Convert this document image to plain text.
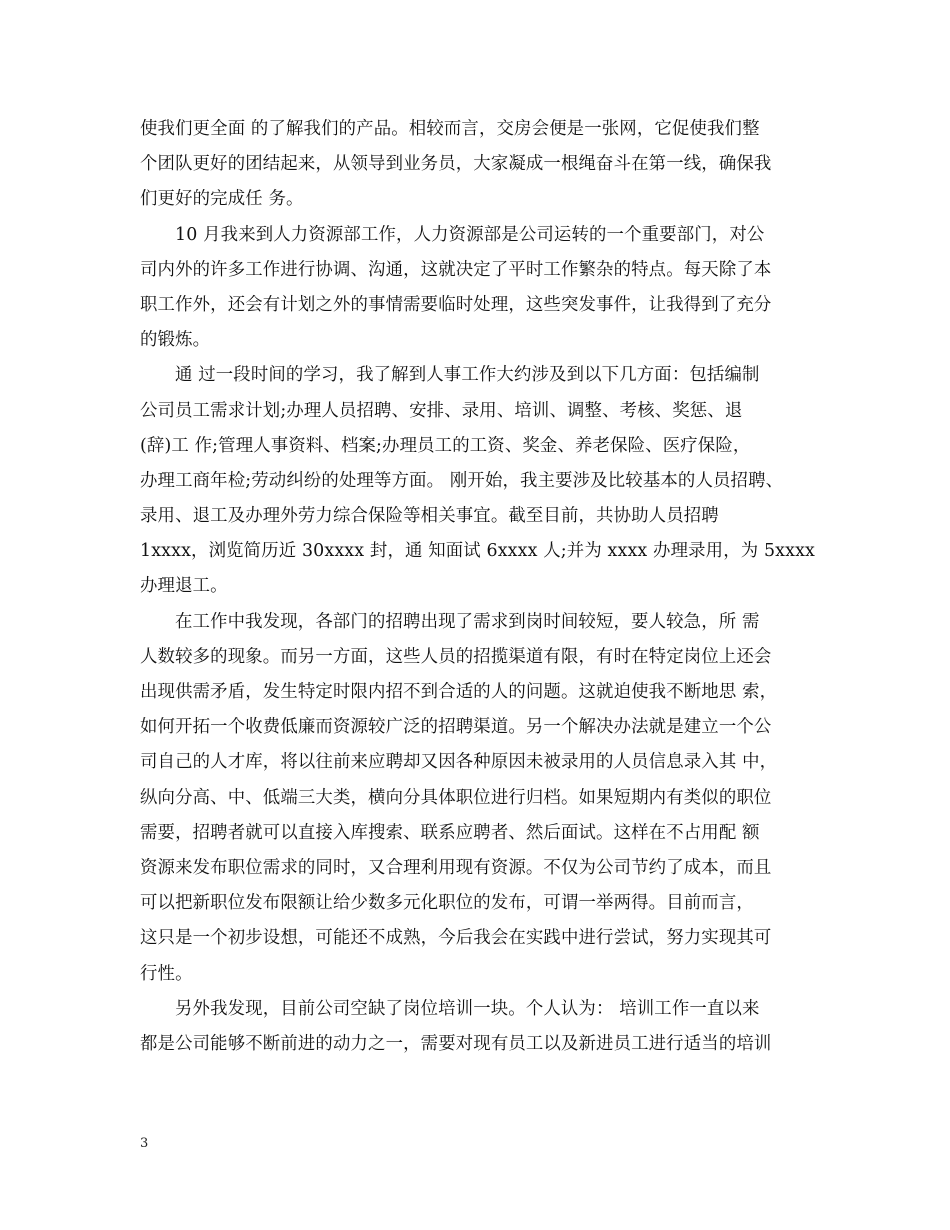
使我们更全面 的了解我们的产品。相较而言，交房会便是一张网，它促使我们整
个团队更好的团结起来，从领导到业务员，大家凝成一根绳奋斗在第一线，确保我
们更好的完成任 务。
10 月我来到人力资源部工作，人力资源部是公司运转的一个重要部门，对公
司内外的许多工作进行协调、沟通，这就决定了平时工作繁杂的特点。每天除了本
职工作外，还会有计划之外的事情需要临时处理，这些突发事件，让我得到了充分
的锻炼。
通 过一段时间的学习，我了解到人事工作大约涉及到以下几方面：包括编制
公司员工需求计划;办理人员招聘、安排、录用、培训、调整、考核、奖惩、退
(辞)工 作;管理人事资料、档案;办理员工的工资、奖金、养老保险、医疗保险，
办理工商年检;劳动纠纷的处理等方面。 刚开始，我主要涉及比较基本的人员招聘、
录用、退工及办理外劳力综合保险等相关事宜。截至目前，共协助人员招聘
1xxxx，浏览简历近 30xxxx 封，通 知面试 6xxxx 人;并为 xxxx 办理录用，为 5xxxx
办理退工。
在工作中我发现，各部门的招聘出现了需求到岗时间较短，要人较急，所 需
人数较多的现象。而另一方面，这些人员的招揽渠道有限，有时在特定岗位上还会
出现供需矛盾，发生特定时限内招不到合适的人的问题。这就迫使我不断地思 索，
如何开拓一个收费低廉而资源较广泛的招聘渠道。另一个解决办法就是建立一个公
司自己的人才库，将以往前来应聘却又因各种原因未被录用的人员信息录入其 中，
纵向分高、中、低端三大类，横向分具体职位进行归档。如果短期内有类似的职位
需要，招聘者就可以直接入库搜索、联系应聘者、然后面试。这样在不占用配 额
资源来发布职位需求的同时，又合理利用现有资源。不仅为公司节约了成本，而且
可以把新职位发布限额让给少数多元化职位的发布，可谓一举两得。目前而言，
这只是一个初步设想，可能还不成熟，今后我会在实践中进行尝试，努力实现其可
行性。
另外我发现，目前公司空缺了岗位培训一块。个人认为： 培训工作一直以来
都是公司能够不断前进的动力之一，需要对现有员工以及新进员工进行适当的培训
3
